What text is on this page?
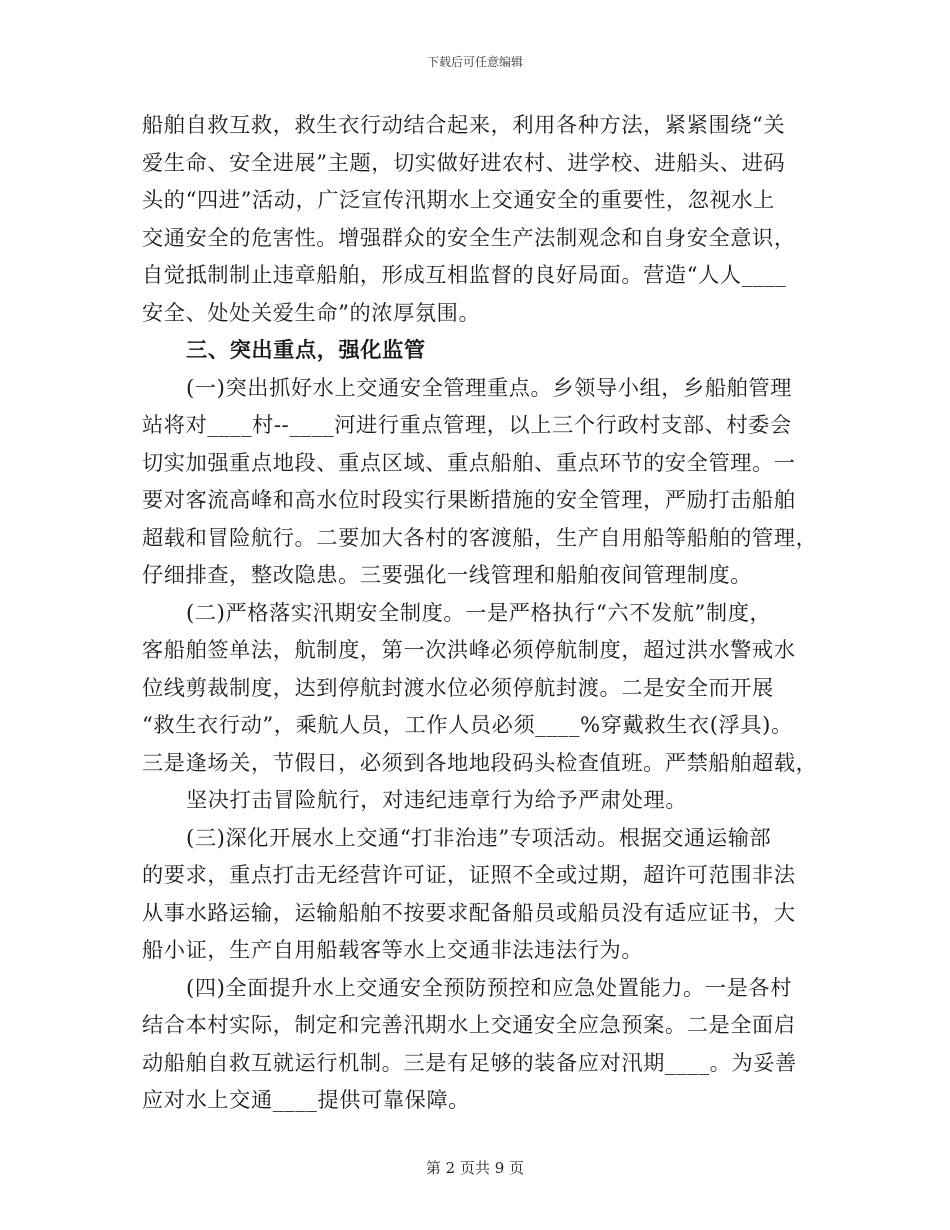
下载后可任意编辑
船舶自救互救，救生衣行动结合起来，利用各种方法，紧紧围绕“关
爱生命、安全进展”主题，切实做好进农村、进学校、进船头、进码
头的“四进”活动，广泛宣传汛期水上交通安全的重要性，忽视水上
交通安全的危害性。增强群众的安全生产法制观念和自身安全意识，
自觉抵制制止违章船舶，形成互相监督的良好局面。营造“人人____
安全、处处关爱生命”的浓厚氛围。
三、突出重点，强化监管
(一)突出抓好水上交通安全管理重点。乡领导小组，乡船舶管理
站将对____村--____河进行重点管理，以上三个行政村支部、村委会
切实加强重点地段、重点区域、重点船舶、重点环节的安全管理。一
要对客流高峰和高水位时段实行果断措施的安全管理，严励打击船舶
超载和冒险航行。二要加大各村的客渡船，生产自用船等船舶的管理，
仔细排查，整改隐患。三要强化一线管理和船舶夜间管理制度。
(二)严格落实汛期安全制度。一是严格执行“六不发航”制度，
客船舶签单法，航制度，第一次洪峰必须停航制度，超过洪水警戒水
位线剪裁制度，达到停航封渡水位必须停航封渡。二是安全而开展
“救生衣行动”，乘航人员，工作人员必须____%穿戴救生衣(浮具)。
三是逢场关，节假日，必须到各地地段码头检查值班。严禁船舶超载，
坚决打击冒险航行，对违纪违章行为给予严肃处理。
(三)深化开展水上交通“打非治违”专项活动。根据交通运输部
的要求，重点打击无经营许可证，证照不全或过期，超许可范围非法
从事水路运输，运输船舶不按要求配备船员或船员没有适应证书，大
船小证，生产自用船载客等水上交通非法违法行为。
(四)全面提升水上交通安全预防预控和应急处置能力。一是各村
结合本村实际，制定和完善汛期水上交通安全应急预案。二是全面启
动船舶自救互就运行机制。三是有足够的装备应对汛期____。为妥善
应对水上交通____提供可靠保障。
第 2 页共 9 页
